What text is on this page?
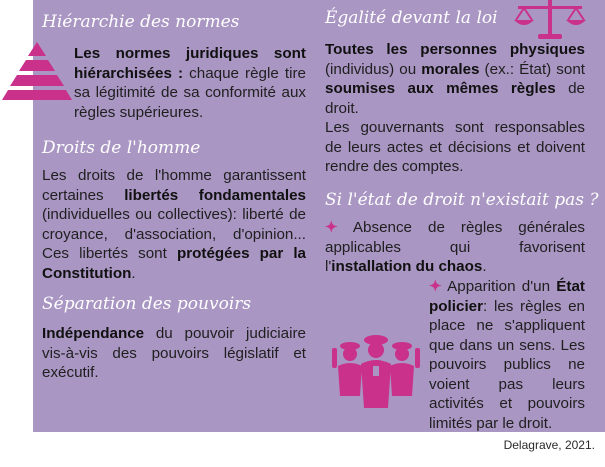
Hiérarchie des normes
Les normes juridiques sont hiérarchisées : chaque règle tire sa légitimité de sa conformité aux règles supérieures.
Droits de l'homme
Les droits de l'homme garantissent certaines libertés fondamentales (individuelles ou collectives): liberté de croyance, d'association, d'opinion... Ces libertés sont protégées par la Constitution.
Séparation des pouvoirs
Indépendance du pouvoir judiciaire vis-à-vis des pouvoirs législatif et exécutif.
Égalité devant la loi

Toutes les personnes physiques (individus) ou morales (ex.: État) sont soumises aux mêmes règles de droit.

Les gouvernants sont responsables de leurs actes et décisions et doivent rendre des comptes.

Si l'état de droit n'existait pas ?
✦ Absence de règles générales applicables qui favorisent l'installation du chaos.
✦ Apparition d'un État policier: les règles en place ne s'appliquent que dans un sens. Les pouvoirs publics ne voient pas leurs activités et pouvoirs limités par le droit.
Delagrave, 2021.
